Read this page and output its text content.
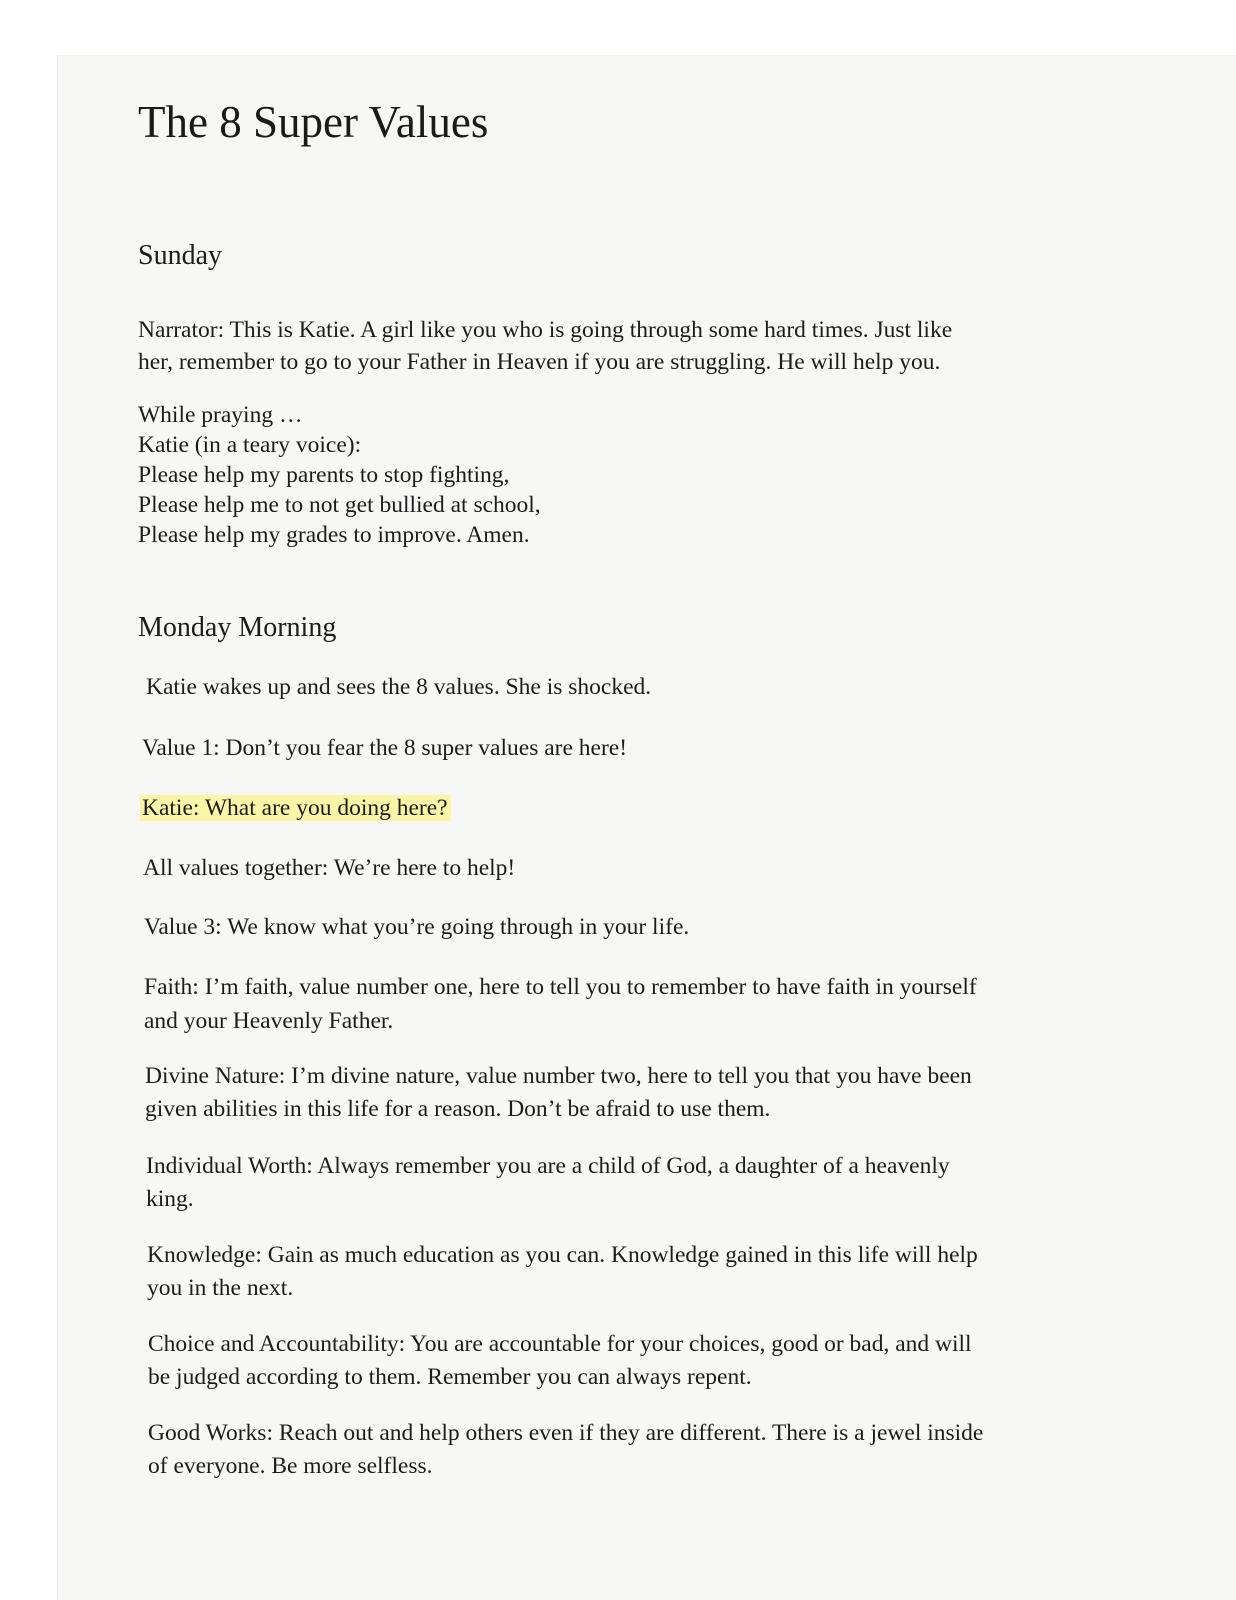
The 8 Super Values
Sunday

Narrator: This is Katie. A girl like you who is going through some hard times. Just like
her, remember to go to your Father in Heaven if you are struggling. He will help you.

While praying …
Katie (in a teary voice):
Please help my parents to stop fighting,
Please help me to not get bullied at school,
Please help my grades to improve. Amen.

Monday Morning

Katie wakes up and sees the 8 values. She is shocked.

Value 1: Don’t you fear the 8 super values are here!

Katie: What are you doing here?

All values together: We’re here to help!

Value 3: We know what you’re going through in your life.

Faith: I’m faith, value number one, here to tell you to remember to have faith in yourself
and your Heavenly Father.

Divine Nature: I’m divine nature, value number two, here to tell you that you have been
given abilities in this life for a reason. Don’t be afraid to use them.

Individual Worth: Always remember you are a child of God, a daughter of a heavenly
king.

Knowledge: Gain as much education as you can. Knowledge gained in this life will help
you in the next.

Choice and Accountability: You are accountable for your choices, good or bad, and will
be judged according to them. Remember you can always repent.

Good Works: Reach out and help others even if they are different. There is a jewel inside
of everyone. Be more selfless.
